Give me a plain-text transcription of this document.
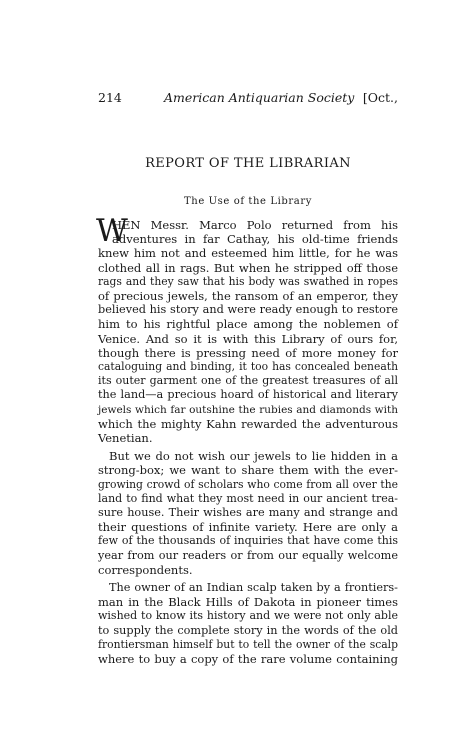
214	American Antiquarian Society [Oct.,
REPORT OF THE LIBRARIAN
The Use of the Library
W
HEN Messr. Marco Polo returned from his
adventures in far Cathay, his old-time friends
knew him not and esteemed him little, for he was
clothed all in rags. But when he stripped off those
rags and they saw that his body was swathed in ropes
of precious jewels, the ransom of an emperor, they
believed his story and were ready enough to restore
him to his rightful place among the noblemen of
Venice. And so it is with this Library of ours for,
though there is pressing need of more money for
cataloguing and binding, it too has concealed beneath
its outer garment one of the greatest treasures of all
the land—a precious hoard of historical and literary
jewels which far outshine the rubies and diamonds with
which the mighty Kahn rewarded the adventurous
Venetian.
But we do not wish our jewels to lie hidden in a
strong-box; we want to share them with the ever-
growing crowd of scholars who come from all over the
land to find what they most need in our ancient trea-
sure house. Their wishes are many and strange and
their questions of infinite variety. Here are only a
few of the thousands of inquiries that have come this
year from our readers or from our equally welcome
correspondents.
The owner of an Indian scalp taken by a frontiers-
man in the Black Hills of Dakota in pioneer times
wished to know its history and we were not only able
to supply the complete story in the words of the old
frontiersman himself but to tell the owner of the scalp
where to buy a copy of the rare volume containing
